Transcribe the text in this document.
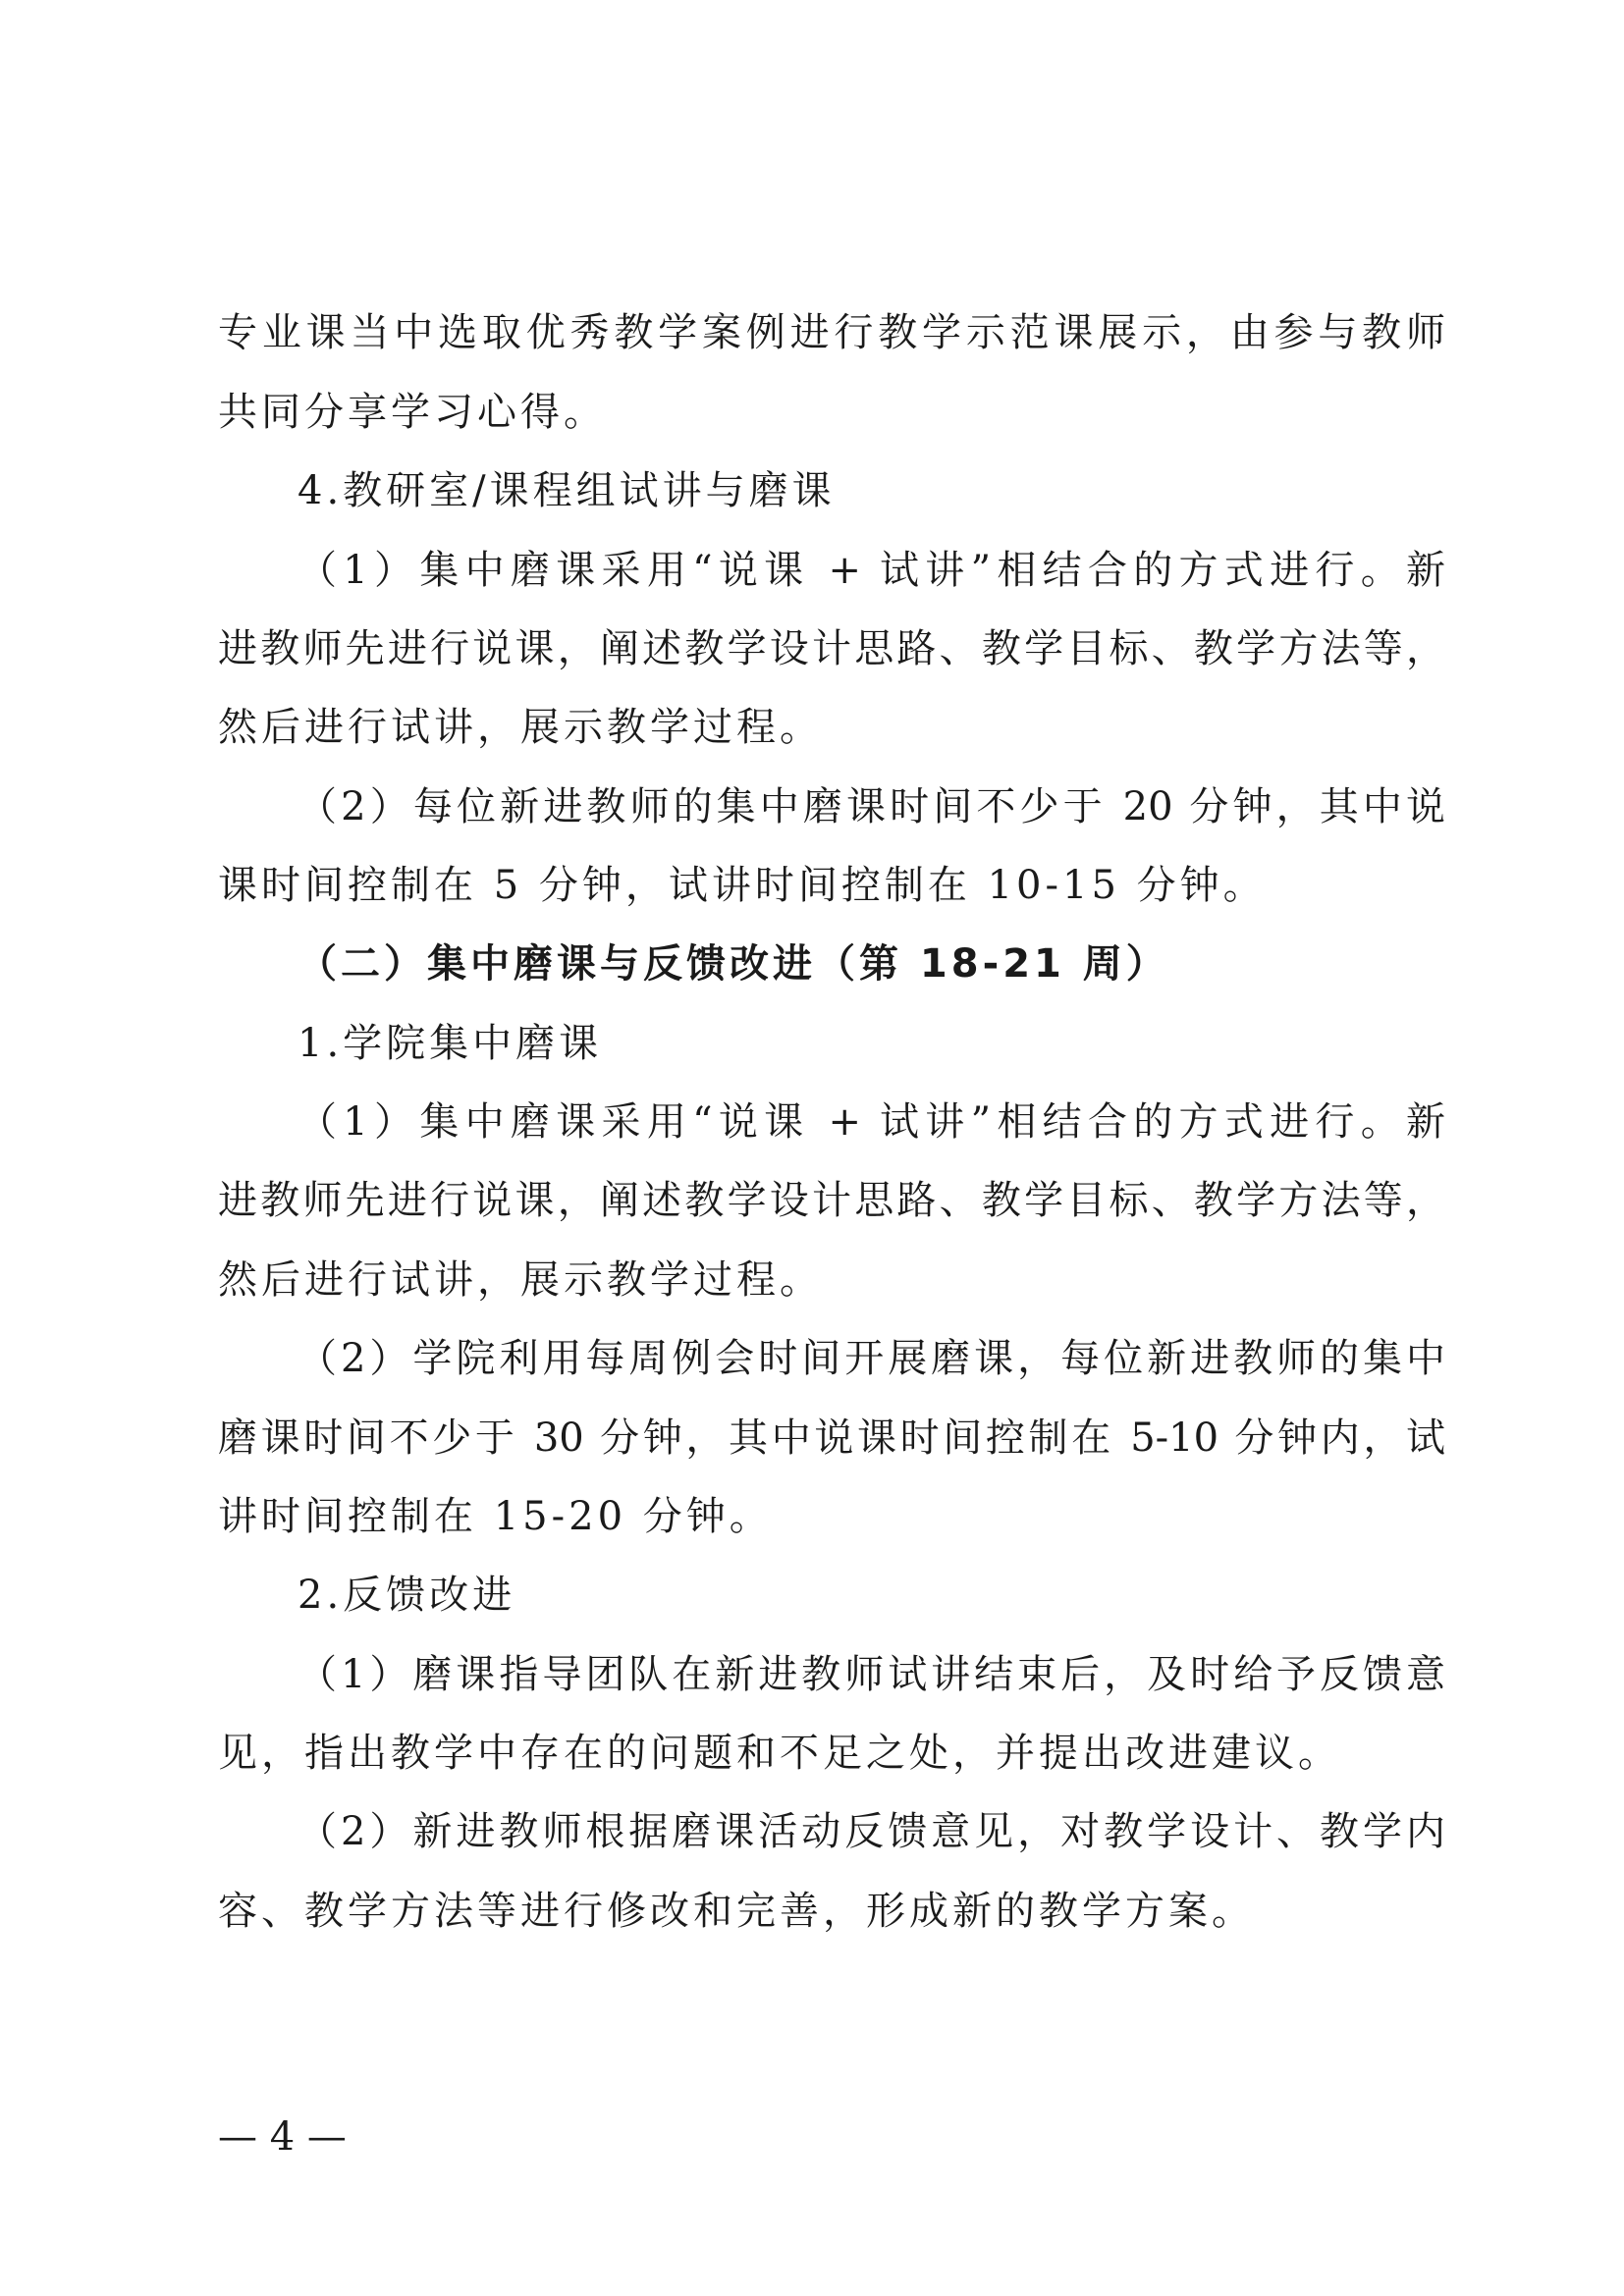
专业课当中选取优秀教学案例进行教学示范课展示，由参与教师
共同分享学习心得。
4.教研室/课程组试讲与磨课
（1）集中磨课采用“说课 + 试讲”相结合的方式进行。新
进教师先进行说课，阐述教学设计思路、教学目标、教学方法等，
然后进行试讲，展示教学过程。
（2）每位新进教师的集中磨课时间不少于 20 分钟，其中说
课时间控制在 5 分钟，试讲时间控制在 10-15 分钟。
（二）集中磨课与反馈改进（第 18-21 周）
1.学院集中磨课
（1）集中磨课采用“说课 + 试讲”相结合的方式进行。新
进教师先进行说课，阐述教学设计思路、教学目标、教学方法等，
然后进行试讲，展示教学过程。
（2）学院利用每周例会时间开展磨课，每位新进教师的集中
磨课时间不少于 30 分钟，其中说课时间控制在 5-10 分钟内，试
讲时间控制在 15-20 分钟。
2.反馈改进
（1）磨课指导团队在新进教师试讲结束后，及时给予反馈意
见，指出教学中存在的问题和不足之处，并提出改进建议。
（2）新进教师根据磨课活动反馈意见，对教学设计、教学内
容、教学方法等进行修改和完善，形成新的教学方案。
— 4 —
